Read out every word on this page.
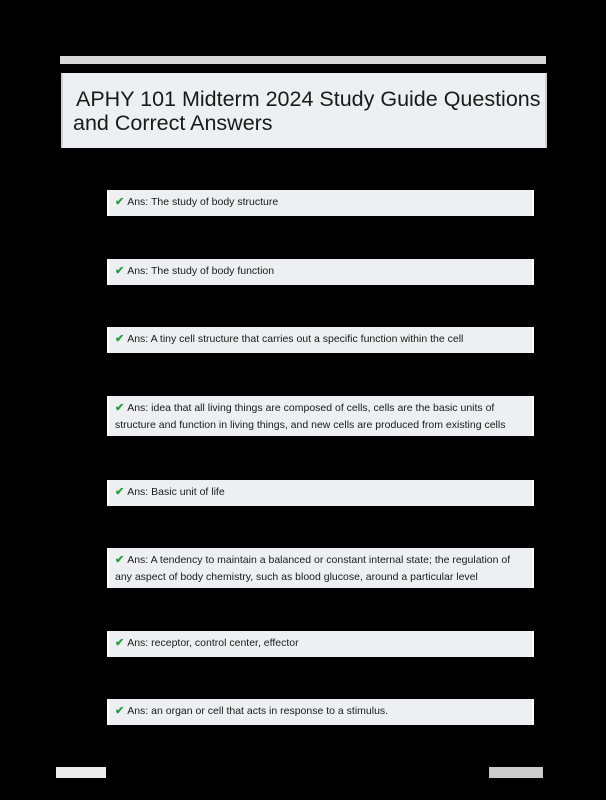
APHY 101 Midterm 2024 Study Guide Questions
and Correct Answers
✔ Ans: The study of body structure
✔ Ans: The study of body function
✔ Ans: A tiny cell structure that carries out a specific function within the cell
✔ Ans: idea that all living things are composed of cells, cells are the basic units of structure and function in living things, and new cells are produced from existing cells
✔ Ans: Basic unit of life
✔ Ans: A tendency to maintain a balanced or constant internal state; the regulation of any aspect of body chemistry, such as blood glucose, around a particular level
✔ Ans: receptor, control center, effector
✔ Ans: an organ or cell that acts in response to a stimulus.
